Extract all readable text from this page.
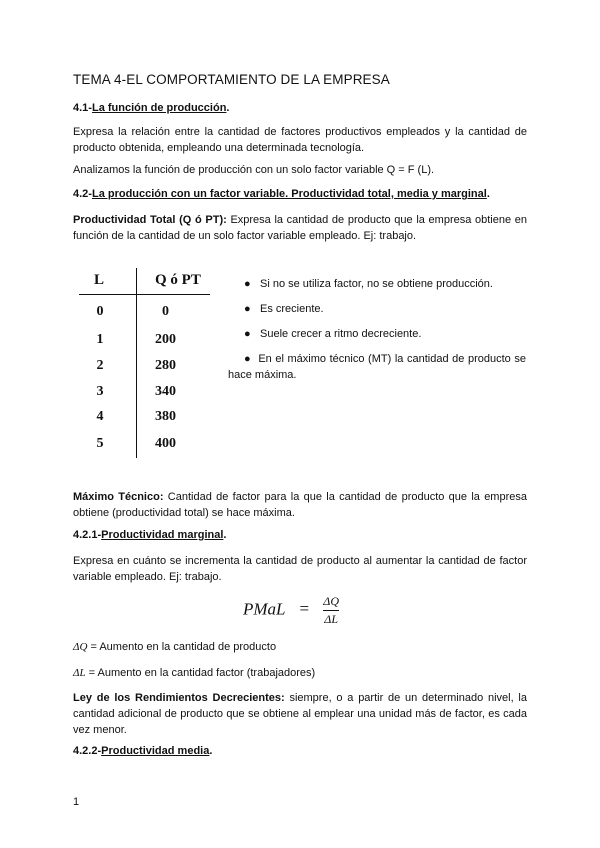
TEMA 4-EL COMPORTAMIENTO DE LA EMPRESA
4.1-La función de producción.
Expresa la relación entre la cantidad de factores productivos empleados y la cantidad de producto obtenida, empleando una determinada tecnología.
Analizamos la función de producción con un solo factor variable Q = F (L).
4.2-La producción con un factor variable. Productividad total, media y marginal.
Productividad Total (Q ó PT): Expresa la cantidad de producto que la empresa obtiene en función de la cantidad de un solo factor variable empleado. Ej: trabajo.
L	Q ó PT
0	0
1	200
2	280
3	340
4	380
5	400
● Si no se utiliza factor, no se obtiene producción.
● Es creciente.
● Suele crecer a ritmo decreciente.
● En el máximo técnico (MT) la cantidad de producto se hace máxima.
Máximo Técnico: Cantidad de factor para la que la cantidad de producto que la empresa obtiene (productividad total) se hace máxima.
4.2.1-Productividad marginal.
Expresa en cuánto se incrementa la cantidad de producto al aumentar la cantidad de factor variable empleado. Ej: trabajo.
PMaL = $\frac{\Delta Q}{\Delta L}$
ΔQ = Aumento en la cantidad de producto
ΔL = Aumento en la cantidad factor (trabajadores)
Ley de los Rendimientos Decrecientes: siempre, o a partir de un determinado nivel, la cantidad adicional de producto que se obtiene al emplear una unidad más de factor, es cada vez menor.
4.2.2-Productividad media.
1
